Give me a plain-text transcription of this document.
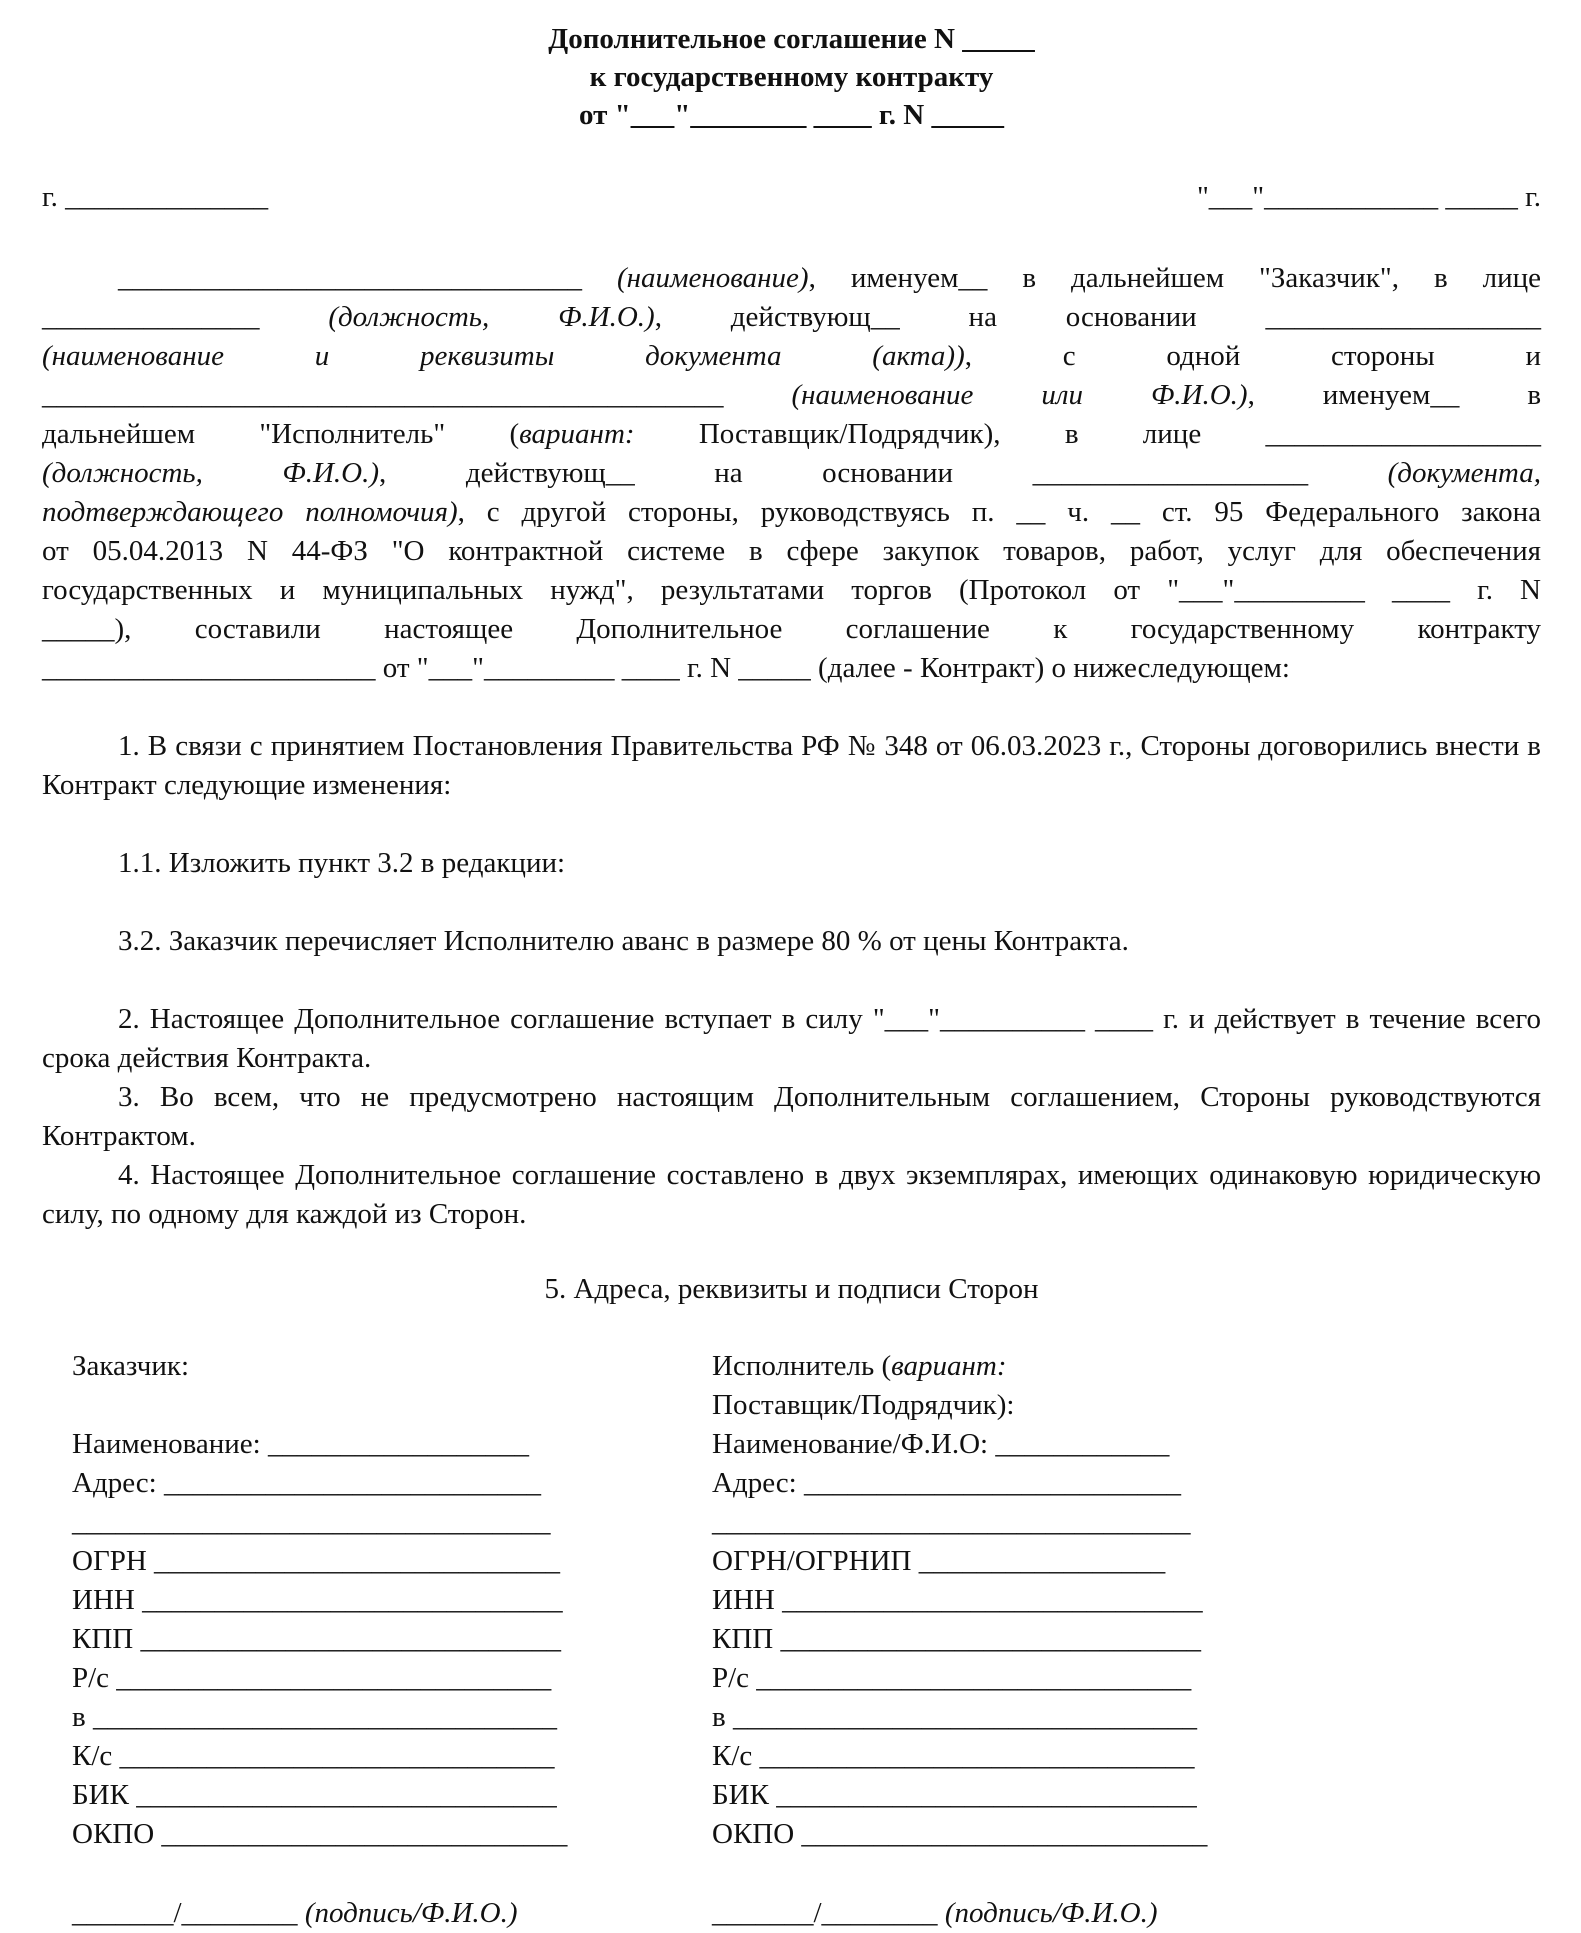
Дополнительное соглашение N _____
к государственному контракту
от "___"________ ____ г. N _____
г. ______________	"___"____________ _____ г.
________________________________ (наименование), именуем__ в дальнейшем "Заказчик", в лице
_______________ (должность, Ф.И.О.), действующ__ на основании ___________________
(наименование и реквизиты документа (акта)), с одной стороны и
_______________________________________________ (наименование или Ф.И.О.), именуем__ в
дальнейшем "Исполнитель" (вариант: Поставщик/Подрядчик), в лице ___________________
(должность, Ф.И.О.), действующ__ на основании ___________________ (документа,
подтверждающего полномочия), с другой стороны, руководствуясь п. __ ч. __ ст. 95 Федерального закона
от 05.04.2013 N 44-ФЗ "О контрактной системе в сфере закупок товаров, работ, услуг для обеспечения
государственных и муниципальных нужд", результатами торгов (Протокол от "___"_________ ____ г. N
_____), составили настоящее Дополнительное соглашение к государственному контракту
_______________________ от "___"_________ ____ г. N _____ (далее - Контракт) о нижеследующем:

1. В связи с принятием Постановления Правительства РФ № 348 от 06.03.2023 г., Стороны договорились внести в Контракт следующие изменения:

1.1. Изложить пункт 3.2 в редакции:

3.2. Заказчик перечисляет Исполнителю аванс в размере 80 % от цены Контракта.

2. Настоящее Дополнительное соглашение вступает в силу "___"__________ ____ г. и действует в течение всего срока действия Контракта.

3. Во всем, что не предусмотрено настоящим Дополнительным соглашением, Стороны руководствуются Контрактом.

4. Настоящее Дополнительное соглашение составлено в двух экземплярах, имеющих одинаковую юридическую силу, по одному для каждой из Сторон.

5. Адреса, реквизиты и подписи Сторон

Заказчик:
Наименование: __________________
Адрес: __________________________
_________________________________
ОГРН ____________________________
ИНН _____________________________
КПП _____________________________
Р/с ______________________________
в ________________________________
К/с ______________________________
БИК _____________________________
ОКПО ____________________________
_______/________ (подпись/Ф.И.О.)
Исполнитель (вариант:
Поставщик/Подрядчик):
Наименование/Ф.И.О: ____________
Адрес: __________________________
_________________________________
ОГРН/ОГРНИП _________________
ИНН _____________________________
КПП _____________________________
Р/с ______________________________
в ________________________________
К/с ______________________________
БИК _____________________________
ОКПО ____________________________
_______/________ (подпись/Ф.И.О.)
